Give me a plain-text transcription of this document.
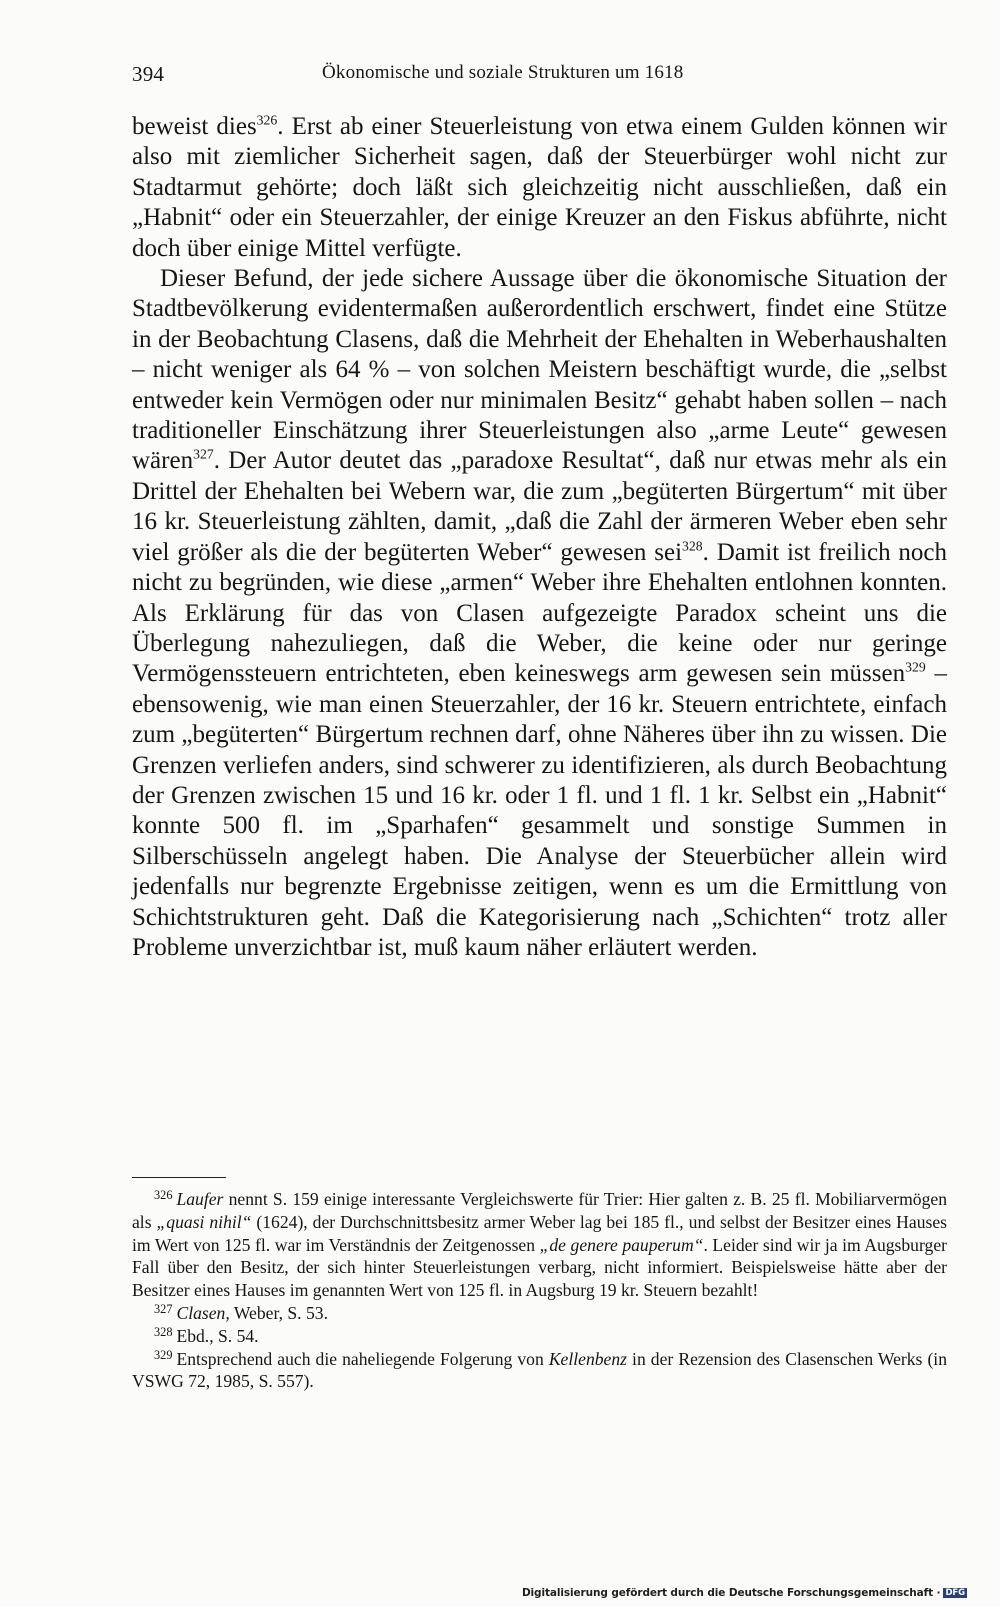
394	Ökonomische und soziale Strukturen um 1618

beweist dies$^{326}$. Erst ab einer Steuerleistung von etwa einem Gulden können wir also mit ziemlicher Sicherheit sagen, daß der Steuerbürger wohl nicht zur Stadtarmut gehörte; doch läßt sich gleichzeitig nicht ausschließen, daß ein „Habnit“ oder ein Steuerzahler, der einige Kreuzer an den Fiskus abführte, nicht doch über einige Mittel verfügte.

Dieser Befund, der jede sichere Aussage über die ökonomische Situation der Stadtbevölkerung evidentermaßen außerordentlich erschwert, findet eine Stütze in der Beobachtung Clasens, daß die Mehrheit der Ehehalten in Weberhaushalten – nicht weniger als 64 % – von solchen Meistern beschäftigt wurde, die „selbst entweder kein Vermögen oder nur minimalen Besitz“ gehabt haben sollen – nach traditioneller Einschätzung ihrer Steuerleistungen also „arme Leute“ gewesen wären$^{327}$. Der Autor deutet das „paradoxe Resultat“, daß nur etwas mehr als ein Drittel der Ehehalten bei Webern war, die zum „begüterten Bürgertum“ mit über 16 kr. Steuerleistung zählten, damit, „daß die Zahl der ärmeren Weber eben sehr viel größer als die der begüterten Weber“ gewesen sei$^{328}$. Damit ist freilich noch nicht zu begründen, wie diese „armen“ Weber ihre Ehehalten entlohnen konnten. Als Erklärung für das von Clasen aufgezeigte Paradox scheint uns die Überlegung nahezuliegen, daß die Weber, die keine oder nur geringe Vermögenssteuern entrichteten, eben keineswegs arm gewesen sein müssen$^{329}$ – ebensowenig, wie man einen Steuerzahler, der 16 kr. Steuern entrichtete, einfach zum „begüterten“ Bürgertum rechnen darf, ohne Näheres über ihn zu wissen. Die Grenzen verliefen anders, sind schwerer zu identifizieren, als durch Beobachtung der Grenzen zwischen 15 und 16 kr. oder 1 fl. und 1 fl. 1 kr. Selbst ein „Habnit“ konnte 500 fl. im „Sparhafen“ gesammelt und sonstige Summen in Silberschüsseln angelegt haben. Die Analyse der Steuerbücher allein wird jedenfalls nur begrenzte Ergebnisse zeitigen, wenn es um die Ermittlung von Schichtstrukturen geht. Daß die Kategorisierung nach „Schichten“ trotz aller Probleme unverzichtbar ist, muß kaum näher erläutert werden.

$^{326}$ Laufer nennt S. 159 einige interessante Vergleichswerte für Trier: Hier galten z. B. 25 fl. Mobiliarvermögen als „quasi nihil“ (1624), der Durchschnittsbesitz armer Weber lag bei 185 fl., und selbst der Besitzer eines Hauses im Wert von 125 fl. war im Verständnis der Zeitgenossen „de genere pauperum“. Leider sind wir ja im Augsburger Fall über den Besitz, der sich hinter Steuerleistungen verbarg, nicht informiert. Beispielsweise hätte aber der Besitzer eines Hauses im genannten Wert von 125 fl. in Augsburg 19 kr. Steuern bezahlt!

$^{327}$ Clasen, Weber, S. 53.

$^{328}$ Ebd., S. 54.

$^{329}$ Entsprechend auch die naheliegende Folgerung von Kellenbenz in der Rezension des Clasenschen Werks (in VSWG 72, 1985, S. 557).

Digitalisierung gefördert durch die Deutsche Forschungsgemeinschaft · DFG
